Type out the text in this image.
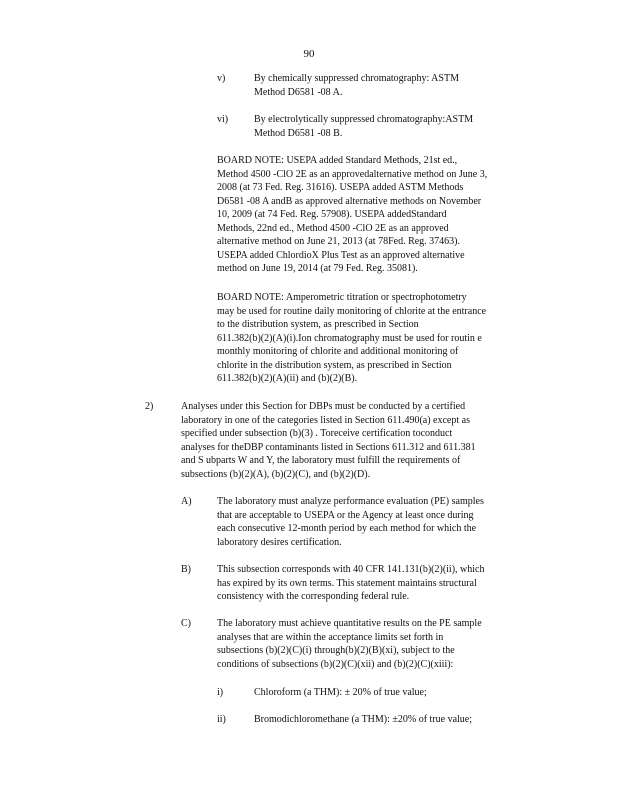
90
v)	By chemically suppressed chromatography: ASTM
Method D6581 -08 A.
vi)	By electrolytically suppressed chromatography:ASTM
Method D6581 -08 B.
BOARD NOTE: USEPA added Standard Methods, 21st ed.,
Method 4500 -ClO 2E as an approvedalternative method on June 3,
2008 (at 73 Fed. Reg. 31616). USEPA added ASTM Methods
D6581 -08 A andB as approved alternative methods on November
10, 2009 (at 74 Fed. Reg. 57908). USEPA addedStandard
Methods, 22nd ed., Method 4500 -ClO 2E as an approved
alternative method on June 21, 2013 (at 78Fed. Reg. 37463).
USEPA added ChlordioX Plus Test as an approved alternative
method on June 19, 2014 (at 79 Fed. Reg. 35081).
BOARD NOTE: Amperometric titration or spectrophotometry
may be used for routine daily monitoring of chlorite at the entrance
to the distribution system, as prescribed in Section
611.382(b)(2)(A)(i).Ion chromatography must be used for routin e
monthly monitoring of chlorite and additional monitoring of
chlorite in the distribution system, as prescribed in Section
611.382(b)(2)(A)(ii) and (b)(2)(B).
2)	Analyses under this Section for DBPs must be conducted by a certified
laboratory in one of the categories listed in Section 611.490(a) except as
specified under subsection (b)(3) . Toreceive certification toconduct
analyses for theDBP contaminants listed in Sections 611.312 and 611.381
and S ubparts W and Y, the laboratory must fulfill the requirements of
subsections (b)(2)(A), (b)(2)(C), and (b)(2)(D).
A)	The laboratory must analyze performance evaluation (PE) samples
that are acceptable to USEPA or the Agency at least once during
each consecutive 12-month period by each method for which the
laboratory desires certification.
B)	This subsection corresponds with 40 CFR 141.131(b)(2)(ii), which
has expired by its own terms. This statement maintains structural
consistency with the corresponding federal rule.
C)	The laboratory must achieve quantitative results on the PE sample
analyses that are within the acceptance limits set forth in
subsections (b)(2)(C)(i) through(b)(2)(B)(xi), subject to the
conditions of subsections (b)(2)(C)(xii) and (b)(2)(C)(xiii):
i)	Chloroform (a THM): ± 20% of true value;
ii)	Bromodichloromethane (a THM): ±20% of true value;
